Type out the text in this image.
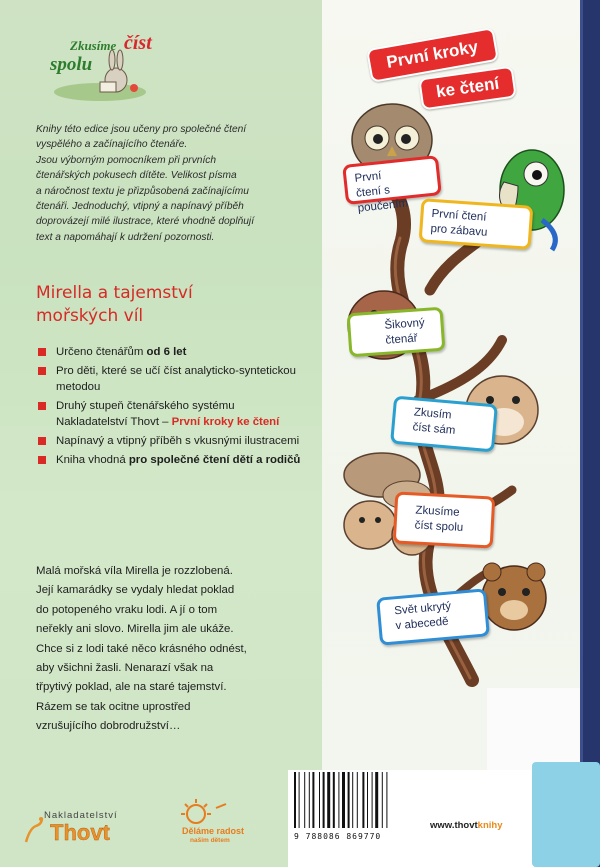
Zkusíme číst
spolu
Knihy této edice jsou učeny pro společné čtení
vyspělého a začínajícího čtenáře.
Jsou výborným pomocníkem při prvních
čtenářských pokusech dítěte. Velikost písma
a náročnost textu je přizpůsobená začínajícímu
čtenáři. Jednoduchý, vtipný a napínavý příběh
doprovázejí milé ilustrace, které vhodně doplňují
text a napomáhají k udržení pozornosti.
Mirella a tajemství
mořských víl
Určeno čtenářům od 6 let
Pro děti, které se učí číst analyticko-syntetickou metodou
Druhý stupeň čtenářského systému Nakladatelství Thovt – První kroky ke čtení
Napínavý a vtipný příběh s vkusnými ilustracemi
Kniha vhodná pro společné čtení dětí a rodičů
Malá mořská víla Mirella je rozzlobená.
Její kamarádky se vydaly hledat poklad
do potopeného vraku lodi. A jí o tom
neřekly ani slovo. Mirella jim ale ukáže.
Chce si z lodi také něco krásného odnést,
aby všichni žasli. Nenarazí však na
třpytivý poklad, ale na staré tajemství.
Rázem se tak ocitne uprostřed
vzrušujícího dobrodružství…
Nakladatelství
Thovt	Děláme radost
našim dětem
První kroky
ke čtení
První
čtení s poučením
První čtení
pro zábavu
Šikovný
čtenář
Zkusím
číst sám
Zkusíme
číst spolu
Svět ukrytý
v abecedě
9 788086 869770
www.thovtknihy
